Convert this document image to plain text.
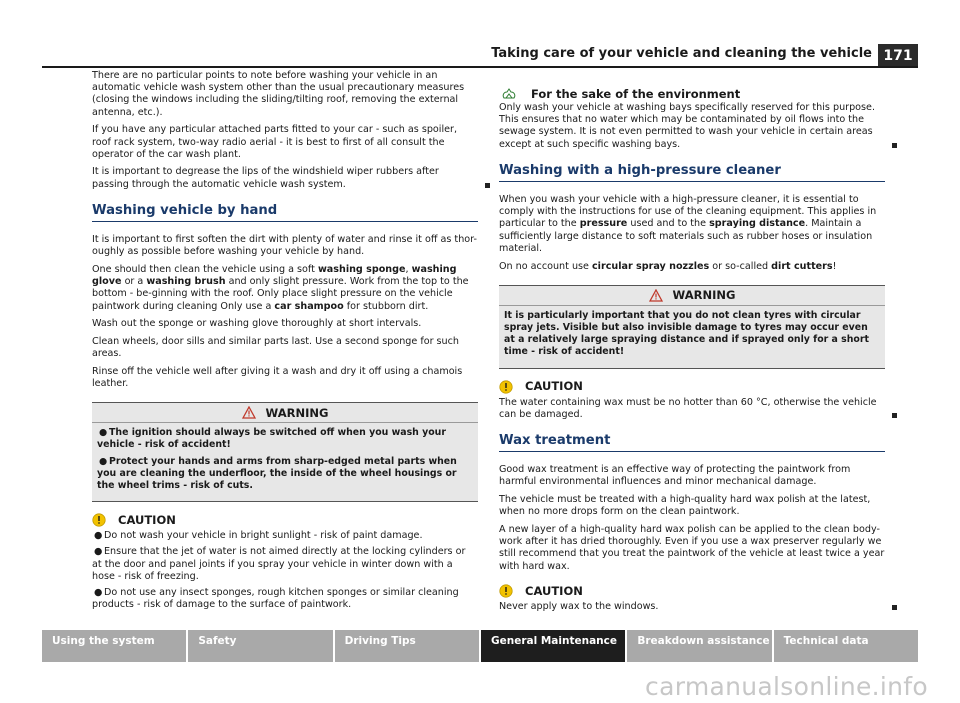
Taking care of your vehicle and cleaning the vehicle 171

There are no particular points to note before washing your vehicle in an automatic vehicle wash system other than the usual precautionary measures (closing the windows including the sliding/tilting roof, removing the external antenna, etc.).

If you have any particular attached parts fitted to your car - such as spoiler, roof rack system, two-way radio aerial - it is best to first of all consult the operator of the car wash plant.

It is important to degrease the lips of the windshield wiper rubbers after passing through the automatic vehicle wash system.

Washing vehicle by hand

It is important to first soften the dirt with plenty of water and rinse it off as thor-oughly as possible before washing your vehicle by hand.

One should then clean the vehicle using a soft washing sponge, washing glove or a washing brush and only slight pressure. Work from the top to the bottom - be-ginning with the roof. Only place slight pressure on the vehicle paintwork during cleaning Only use a car shampoo for stubborn dirt.

Wash out the sponge or washing glove thoroughly at short intervals.

Clean wheels, door sills and similar parts last. Use a second sponge for such areas.

Rinse off the vehicle well after giving it a wash and dry it off using a chamois leather.

WARNING

● The ignition should always be switched off when you wash your vehicle - risk of accident!

● Protect your hands and arms from sharp-edged metal parts when you are cleaning the underfloor, the inside of the wheel housings or the wheel trims - risk of cuts.

CAUTION

● Do not wash your vehicle in bright sunlight - risk of paint damage.

● Ensure that the jet of water is not aimed directly at the locking cylinders or at the door and panel joints if you spray your vehicle in winter down with a hose - risk of freezing.

● Do not use any insect sponges, rough kitchen sponges or similar cleaning products - risk of damage to the surface of paintwork.

For the sake of the environment

Only wash your vehicle at washing bays specifically reserved for this purpose. This ensures that no water which may be contaminated by oil flows into the sewage system. It is not even permitted to wash your vehicle in certain areas except at such specific washing bays.

Washing with a high-pressure cleaner

When you wash your vehicle with a high-pressure cleaner, it is essential to comply with the instructions for use of the cleaning equipment. This applies in particular to the pressure used and to the spraying distance. Maintain a sufficiently large distance to soft materials such as rubber hoses or insulation material.

On no account use circular spray nozzles or so-called dirt cutters!

WARNING

It is particularly important that you do not clean tyres with circular spray jets. Visible but also invisible damage to tyres may occur even at a relatively large spraying distance and if sprayed only for a short time - risk of accident!

CAUTION

The water containing wax must be no hotter than 60 °C, otherwise the vehicle can be damaged.

Wax treatment

Good wax treatment is an effective way of protecting the paintwork from harmful environmental influences and minor mechanical damage.

The vehicle must be treated with a high-quality hard wax polish at the latest, when no more drops form on the clean paintwork.

A new layer of a high-quality hard wax polish can be applied to the clean body-work after it has dried thoroughly. Even if you use a wax preserver regularly we still recommend that you treat the paintwork of the vehicle at least twice a year with hard wax.

CAUTION

Never apply wax to the windows.

Using the system	Safety	Driving Tips	General Maintenance	Breakdown assistance	Technical data
carmanualsonline.info
